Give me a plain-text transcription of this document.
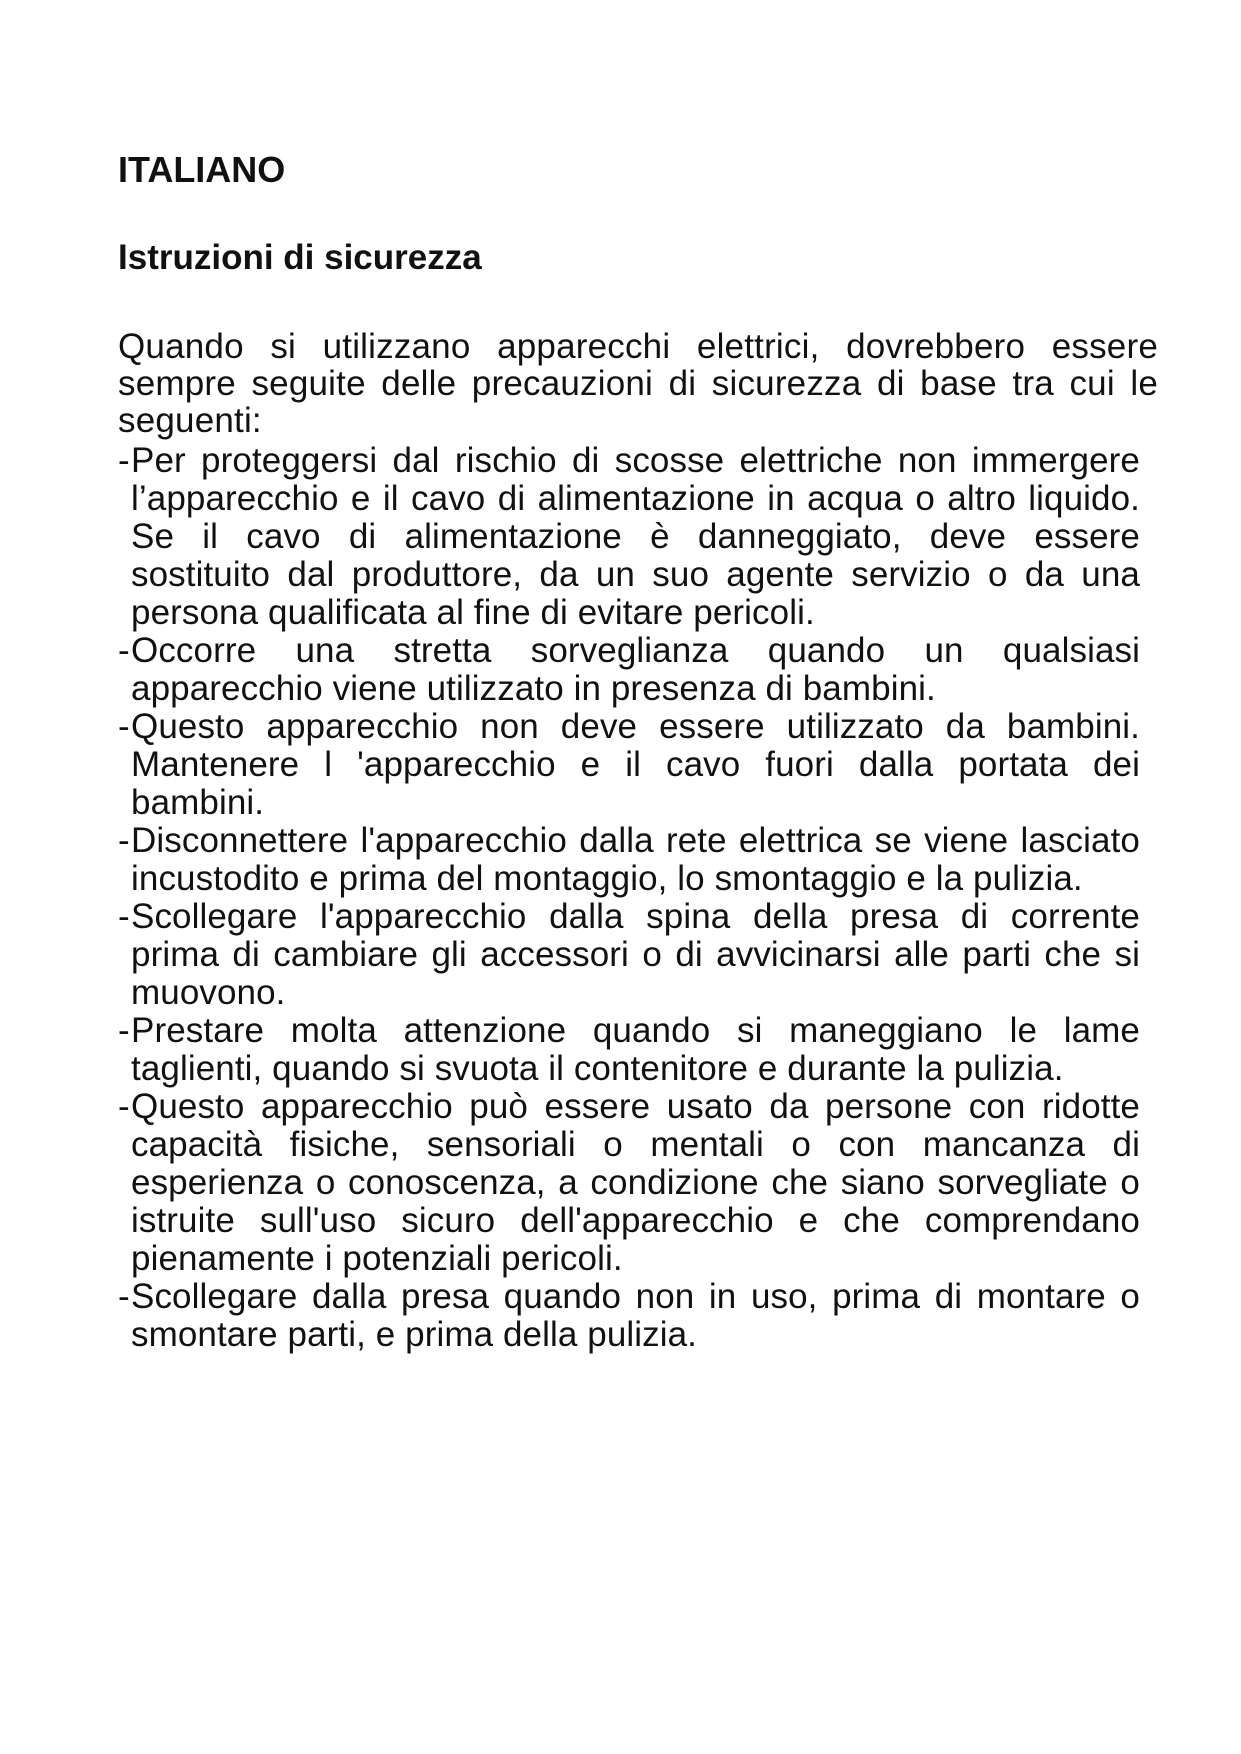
ITALIANO
Istruzioni di sicurezza

Quando si utilizzano apparecchi elettrici, dovrebbero essere sempre seguite delle precauzioni di sicurezza di base tra cui le seguenti:

- Per proteggersi dal rischio di scosse elettriche non immergere l’apparecchio e il cavo di alimentazione in acqua o altro liquido. Se il cavo di alimentazione è danneggiato, deve essere sostituito dal produttore, da un suo agente servizio o da una persona qualificata al fine di evitare pericoli.
- Occorre una stretta sorveglianza quando un qualsiasi apparecchio viene utilizzato in presenza di bambini.
- Questo apparecchio non deve essere utilizzato da bambini. Mantenere l 'apparecchio e il cavo fuori dalla portata dei bambini.
- Disconnettere l'apparecchio dalla rete elettrica se viene lasciato incustodito e prima del montaggio, lo smontaggio e la pulizia.
- Scollegare l'apparecchio dalla spina della presa di corrente prima di cambiare gli accessori o di avvicinarsi alle parti che si muovono.
- Prestare molta attenzione quando si maneggiano le lame taglienti, quando si svuota il contenitore e durante la pulizia.
- Questo apparecchio può essere usato da persone con ridotte capacità fisiche, sensoriali o mentali o con mancanza di esperienza o conoscenza, a condizione che siano sorvegliate o istruite sull'uso sicuro dell'apparecchio e che comprendano pienamente i potenziali pericoli.
- Scollegare dalla presa quando non in uso, prima di montare o smontare parti, e prima della pulizia.
